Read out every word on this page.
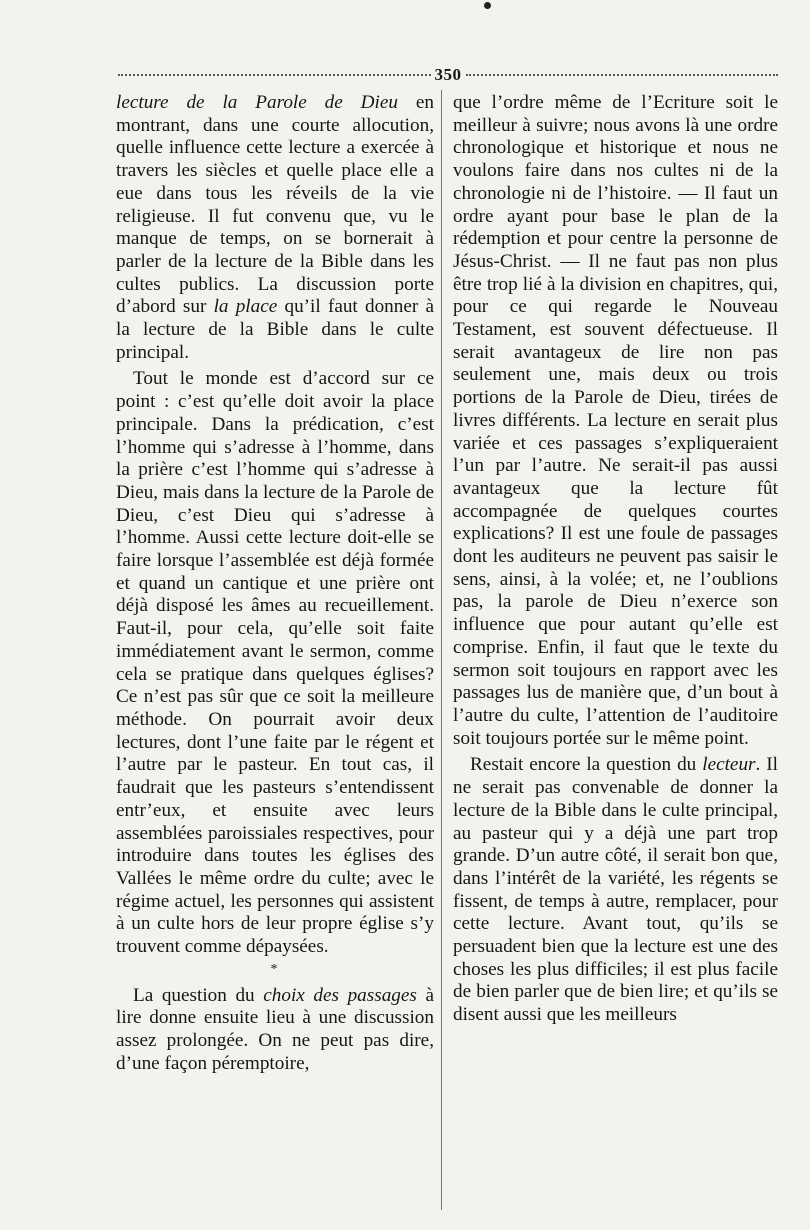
350

lecture de la Parole de Dieu en montrant, dans une courte allocution, quelle influence cette lecture a exercée à travers les siècles et quelle place elle a eue dans tous les réveils de la vie religieuse. Il fut convenu que, vu le manque de temps, on se bornerait à parler de la lecture de la Bible dans les cultes publics. La discussion porte d’abord sur la place qu’il faut donner à la lecture de la Bible dans le culte principal.

Tout le monde est d’accord sur ce point : c’est qu’elle doit avoir la place principale. Dans la prédication, c’est l’homme qui s’adresse à l’homme, dans la prière c’est l’homme qui s’adresse à Dieu, mais dans la lecture de la Parole de Dieu, c’est Dieu qui s’adresse à l’homme. Aussi cette lecture doit-elle se faire lorsque l’assemblée est déjà formée et quand un cantique et une prière ont déjà disposé les âmes au recueillement. Faut-il, pour cela, qu’elle soit faite immédiatement avant le sermon, comme cela se pratique dans quelques églises? Ce n’est pas sûr que ce soit la meilleure méthode. On pourrait avoir deux lectures, dont l’une faite par le régent et l’autre par le pasteur. En tout cas, il faudrait que les pasteurs s’entendissent entr’eux, et ensuite avec leurs assemblées paroissiales respectives, pour introduire dans toutes les églises des Vallées le même ordre du culte; avec le régime actuel, les personnes qui assistent à un culte hors de leur propre église s’y trouvent comme dépaysées.

*

La question du choix des passages à lire donne ensuite lieu à une discussion assez prolongée. On ne peut pas dire, d’une façon péremptoire,

que l’ordre même de l’Ecriture soit le meilleur à suivre; nous avons là une ordre chronologique et historique et nous ne voulons faire dans nos cultes ni de la chronologie ni de l’histoire. — Il faut un ordre ayant pour base le plan de la rédemption et pour centre la personne de Jésus-Christ. — Il ne faut pas non plus être trop lié à la division en chapitres, qui, pour ce qui regarde le Nouveau Testament, est souvent défectueuse. Il serait avantageux de lire non pas seulement une, mais deux ou trois portions de la Parole de Dieu, tirées de livres différents. La lecture en serait plus variée et ces passages s’expliqueraient l’un par l’autre. Ne serait-il pas aussi avantageux que la lecture fût accompagnée de quelques courtes explications? Il est une foule de passages dont les auditeurs ne peuvent pas saisir le sens, ainsi, à la volée; et, ne l’oublions pas, la parole de Dieu n’exerce son influence que pour autant qu’elle est comprise. Enfin, il faut que le texte du sermon soit toujours en rapport avec les passages lus de manière que, d’un bout à l’autre du culte, l’attention de l’auditoire soit toujours portée sur le même point.

Restait encore la question du lecteur. Il ne serait pas convenable de donner la lecture de la Bible dans le culte principal, au pasteur qui y a déjà une part trop grande. D’un autre côté, il serait bon que, dans l’intérêt de la variété, les régents se fissent, de temps à autre, remplacer, pour cette lecture. Avant tout, qu’ils se persuadent bien que la lecture est une des choses les plus difficiles; il est plus facile de bien parler que de bien lire; et qu’ils se disent aussi que les meilleurs
